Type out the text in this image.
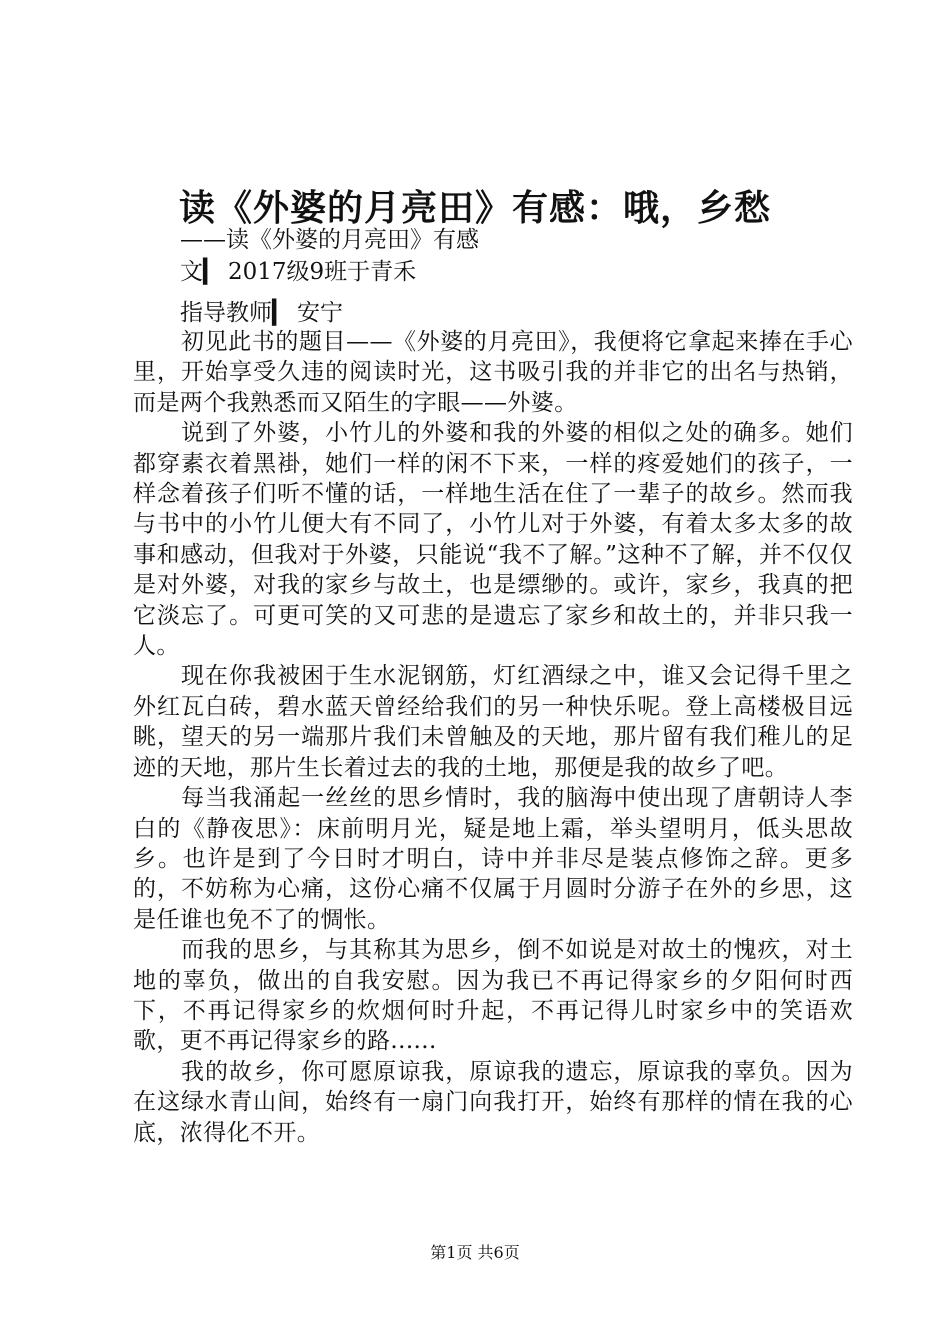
读《外婆的月亮田》有感：哦，乡愁
——读《外婆的月亮田》有感
文▎ 2017级9班于青禾
指导教师▎ 安宁

初见此书的题目——《外婆的月亮田》，我便将它拿起来捧在手心里，开始享受久违的阅读时光，这书吸引我的并非它的出名与热销，而是两个我熟悉而又陌生的字眼——外婆。

说到了外婆，小竹儿的外婆和我的外婆的相似之处的确多。她们都穿素衣着黑褂，她们一样的闲不下来，一样的疼爱她们的孩子，一样念着孩子们听不懂的话，一样地生活在住了一辈子的故乡。然而我与书中的小竹儿便大有不同了，小竹儿对于外婆，有着太多太多的故事和感动，但我对于外婆，只能说“我不了解。”这种不了解，并不仅仅是对外婆，对我的家乡与故土，也是缥缈的。或许，家乡，我真的把它淡忘了。可更可笑的又可悲的是遗忘了家乡和故土的，并非只我一人。

现在你我被困于生水泥钢筋，灯红酒绿之中，谁又会记得千里之外红瓦白砖，碧水蓝天曾经给我们的另一种快乐呢。登上高楼极目远眺，望天的另一端那片我们未曾触及的天地，那片留有我们稚儿的足迹的天地，那片生长着过去的我的土地，那便是我的故乡了吧。

每当我涌起一丝丝的思乡情时，我的脑海中使出现了唐朝诗人李白的《静夜思》：床前明月光，疑是地上霜，举头望明月，低头思故乡。也许是到了今日时才明白，诗中并非尽是装点修饰之辞。更多的，不妨称为心痛，这份心痛不仅属于月圆时分游子在外的乡思，这是任谁也免不了的惆怅。

而我的思乡，与其称其为思乡，倒不如说是对故土的愧疚，对土地的辜负，做出的自我安慰。因为我已不再记得家乡的夕阳何时西下，不再记得家乡的炊烟何时升起，不再记得儿时家乡中的笑语欢歌，更不再记得家乡的路......

我的故乡，你可愿原谅我，原谅我的遗忘，原谅我的辜负。因为在这绿水青山间，始终有一扇门向我打开，始终有那样的情在我的心底，浓得化不开。

第1页 共6页
